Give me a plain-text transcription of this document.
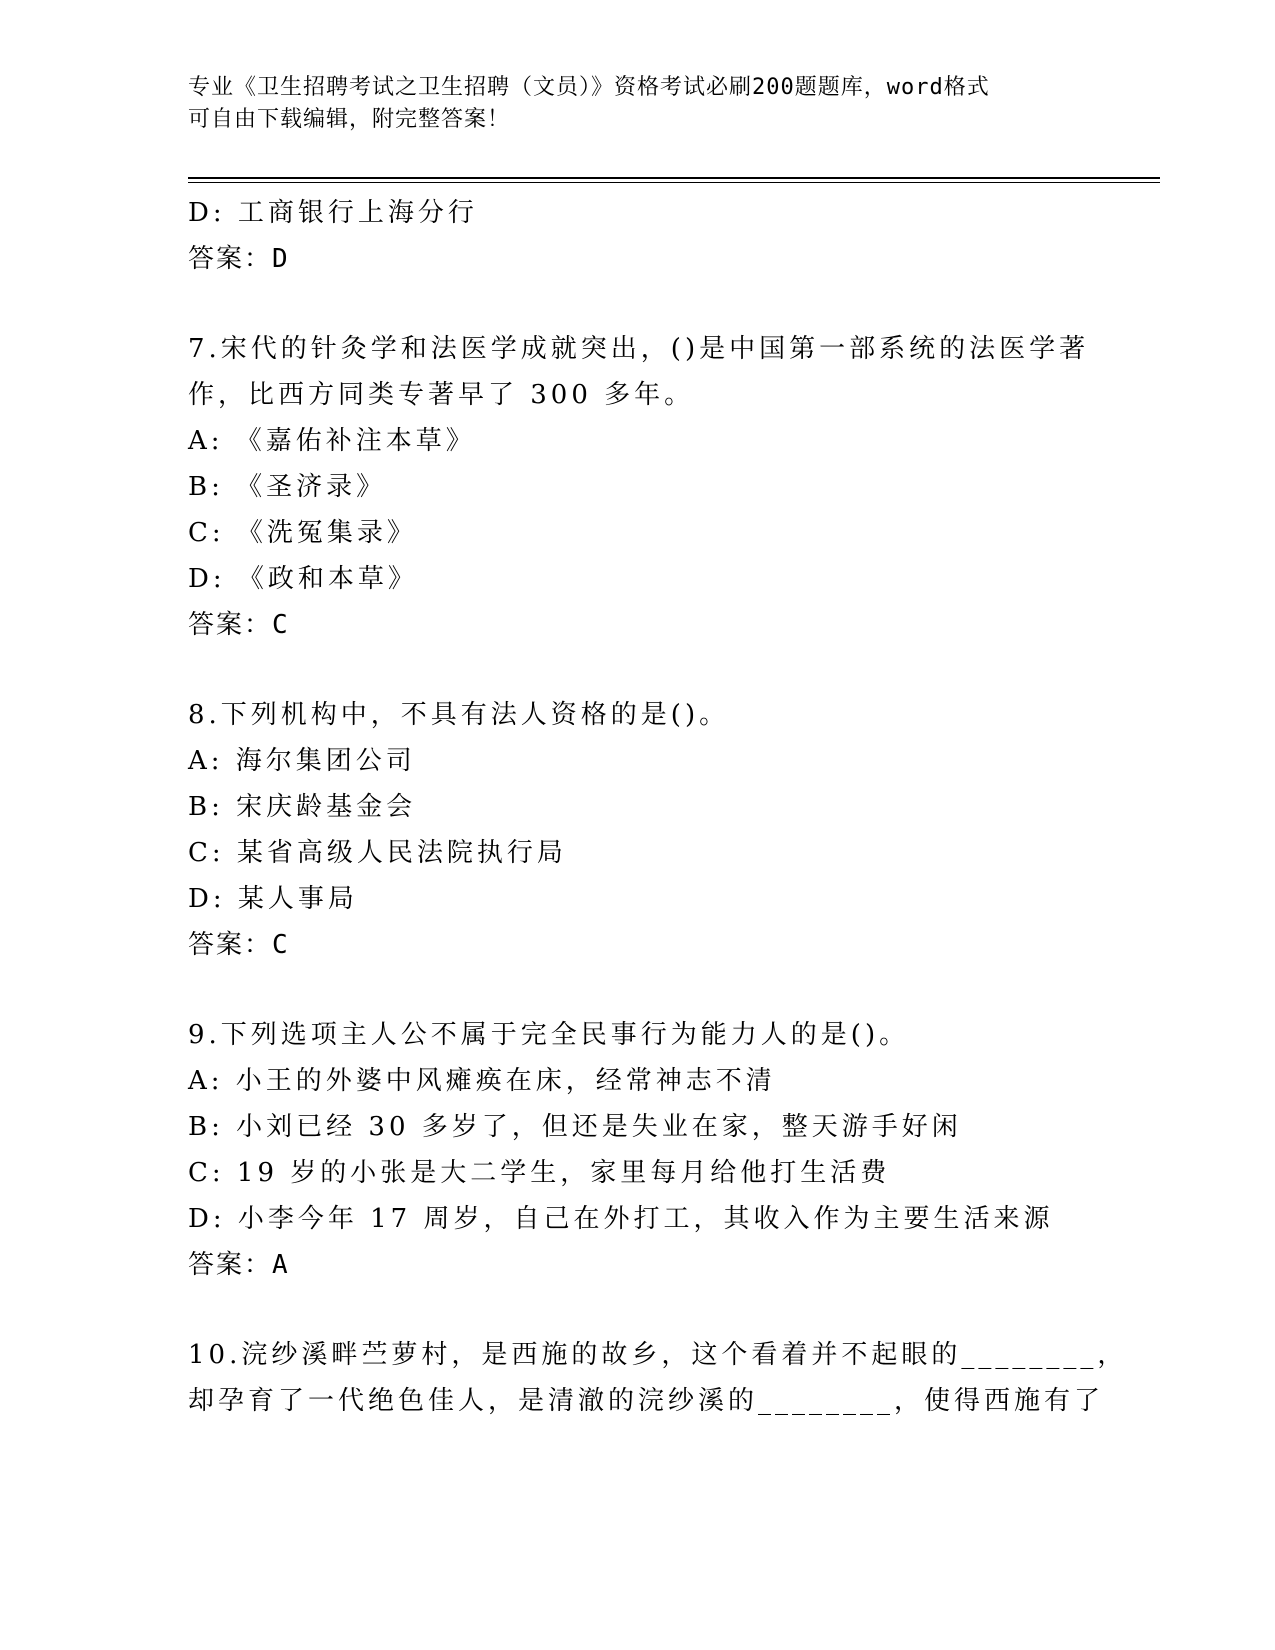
专业《卫生招聘考试之卫生招聘（文员）》资格考试必刷200题题库，word格式
可自由下载编辑，附完整答案！
D: 工商银行上海分行
答案：D
7.宋代的针灸学和法医学成就突出，()是中国第一部系统的法医学著
作，比西方同类专著早了 300 多年。
A: 《嘉佑补注本草》
B: 《圣济录》
C: 《洗冤集录》
D: 《政和本草》
答案：C
8.下列机构中，不具有法人资格的是()。
A: 海尔集团公司
B: 宋庆龄基金会
C: 某省高级人民法院执行局
D: 某人事局
答案：C
9.下列选项主人公不属于完全民事行为能力人的是()。
A: 小王的外婆中风瘫痪在床，经常神志不清
B: 小刘已经 30 多岁了，但还是失业在家，整天游手好闲
C: 19 岁的小张是大二学生，家里每月给他打生活费
D: 小李今年 17 周岁，自己在外打工，其收入作为主要生活来源
答案：A
10.浣纱溪畔苎萝村，是西施的故乡，这个看着并不起眼的________，
却孕育了一代绝色佳人，是清澈的浣纱溪的________，使得西施有了
